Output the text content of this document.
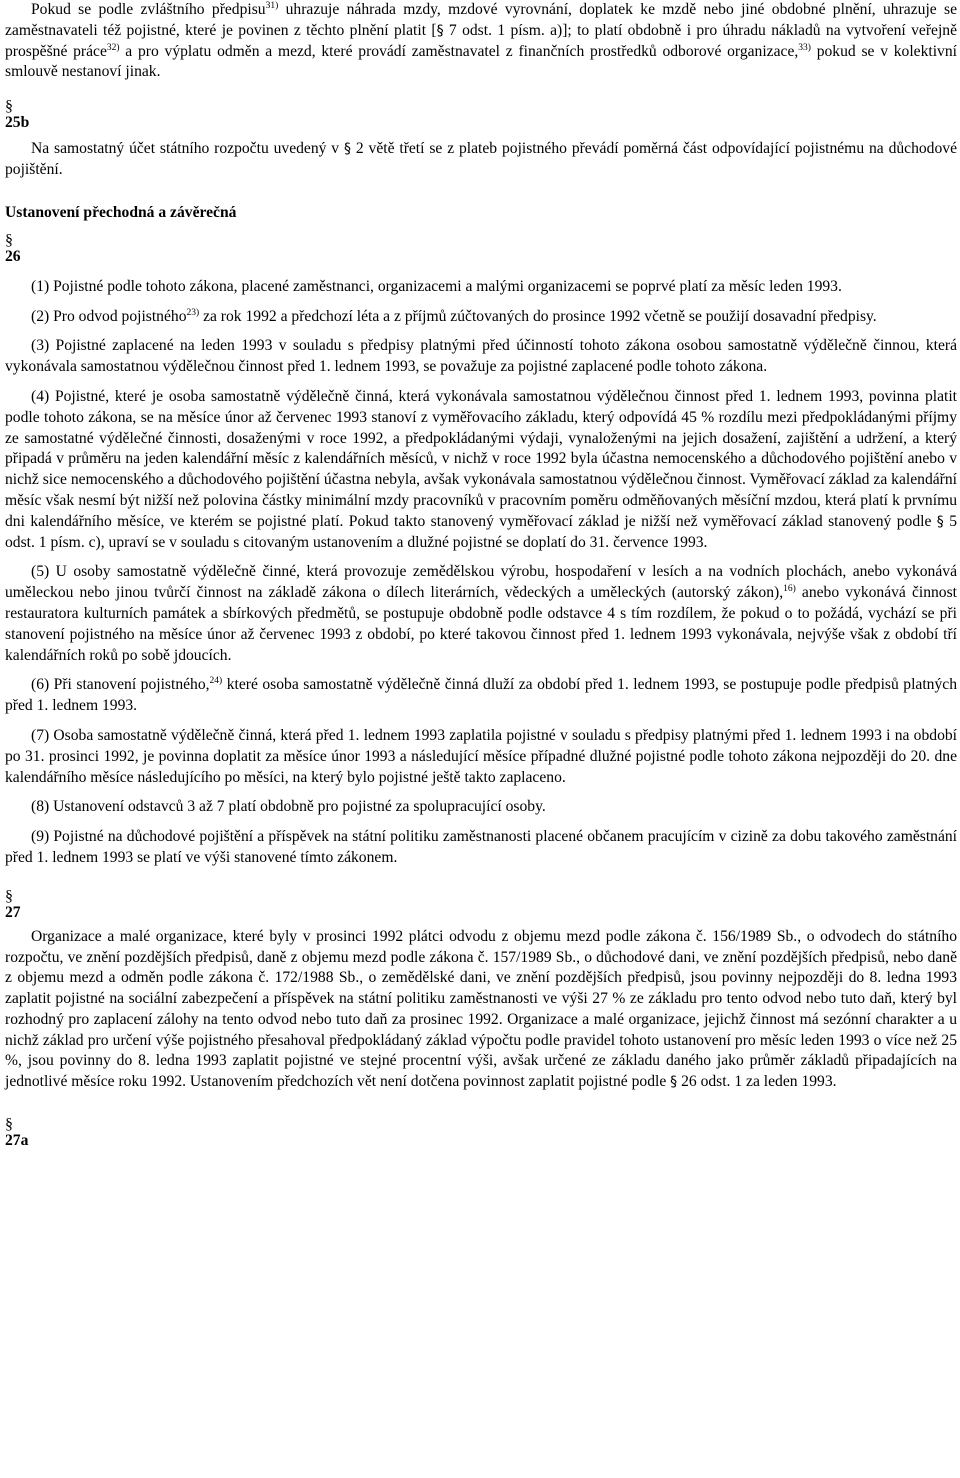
Pokud se podle zvláštního předpisu$^{31)}$ uhrazuje náhrada mzdy, mzdové vyrovnání, doplatek ke mzdě nebo jiné obdobné plnění, uhrazuje se zaměstnavateli též pojistné, které je povinen z těchto plnění platit [§ 7 odst. 1 písm. a)]; to platí obdobně i pro úhradu nákladů na vytvoření veřejně prospěšné práce$^{32)}$ a pro výplatu odměn a mezd, které provádí zaměstnavatel z finančních prostředků odborové organizace,$^{33)}$ pokud se v kolektivní smlouvě nestanoví jinak.

§
25b

Na samostatný účet státního rozpočtu uvedený v § 2 větě třetí se z plateb pojistného převádí poměrná část odpovídající pojistnému na důchodové pojištění.

Ustanovení přechodná a závěrečná
§
26

(1) Pojistné podle tohoto zákona, placené zaměstnanci, organizacemi a malými organizacemi se poprvé platí za měsíc leden 1993.

(2) Pro odvod pojistného$^{23)}$ za rok 1992 a předchozí léta a z příjmů zúčtovaných do prosince 1992 včetně se použijí dosavadní předpisy.

(3) Pojistné zaplacené na leden 1993 v souladu s předpisy platnými před účinností tohoto zákona osobou samostatně výdělečně činnou, která vykonávala samostatnou výdělečnou činnost před 1. lednem 1993, se považuje za pojistné zaplacené podle tohoto zákona.

(4) Pojistné, které je osoba samostatně výdělečně činná, která vykonávala samostatnou výdělečnou činnost před 1. lednem 1993, povinna platit podle tohoto zákona, se na měsíce únor až červenec 1993 stanoví z vyměřovacího základu, který odpovídá 45 % rozdílu mezi předpokládanými příjmy ze samostatné výdělečné činnosti, dosaženými v roce 1992, a předpokládanými výdaji, vynaloženými na jejich dosažení, zajištění a udržení, a který připadá v průměru na jeden kalendářní měsíc z kalendářních měsíců, v nichž v roce 1992 byla účastna nemocenského a důchodového pojištění anebo v nichž sice nemocenského a důchodového pojištění účastna nebyla, avšak vykonávala samostatnou výdělečnou činnost. Vyměřovací základ za kalendářní měsíc však nesmí být nižší než polovina částky minimální mzdy pracovníků v pracovním poměru odměňovaných měsíční mzdou, která platí k prvnímu dni kalendářního měsíce, ve kterém se pojistné platí. Pokud takto stanovený vyměřovací základ je nižší než vyměřovací základ stanovený podle § 5 odst. 1 písm. c), upraví se v souladu s citovaným ustanovením a dlužné pojistné se doplatí do 31. července 1993.

(5) U osoby samostatně výdělečně činné, která provozuje zemědělskou výrobu, hospodaření v lesích a na vodních plochách, anebo vykonává uměleckou nebo jinou tvůrčí činnost na základě zákona o dílech literárních, vědeckých a uměleckých (autorský zákon),$^{16)}$ anebo vykonává činnost restauratora kulturních památek a sbírkových předmětů, se postupuje obdobně podle odstavce 4 s tím rozdílem, že pokud o to požádá, vychází se při stanovení pojistného na měsíce únor až červenec 1993 z období, po které takovou činnost před 1. lednem 1993 vykonávala, nejvýše však z období tří kalendářních roků po sobě jdoucích.

(6) Při stanovení pojistného,$^{24)}$ které osoba samostatně výdělečně činná dluží za období před 1. lednem 1993, se postupuje podle předpisů platných před 1. lednem 1993.

(7) Osoba samostatně výdělečně činná, která před 1. lednem 1993 zaplatila pojistné v souladu s předpisy platnými před 1. lednem 1993 i na období po 31. prosinci 1992, je povinna doplatit za měsíce únor 1993 a následující měsíce případné dlužné pojistné podle tohoto zákona nejpozději do 20. dne kalendářního měsíce následujícího po měsíci, na který bylo pojistné ještě takto zaplaceno.

(8) Ustanovení odstavců 3 až 7 platí obdobně pro pojistné za spolupracující osoby.

(9) Pojistné na důchodové pojištění a příspěvek na státní politiku zaměstnanosti placené občanem pracujícím v cizině za dobu takového zaměstnání před 1. lednem 1993 se platí ve výši stanovené tímto zákonem.

§
27

Organizace a malé organizace, které byly v prosinci 1992 plátci odvodu z objemu mezd podle zákona č. 156/1989 Sb., o odvodech do státního rozpočtu, ve znění pozdějších předpisů, daně z objemu mezd podle zákona č. 157/1989 Sb., o důchodové dani, ve znění pozdějších předpisů, nebo daně z objemu mezd a odměn podle zákona č. 172/1988 Sb., o zemědělské dani, ve znění pozdějších předpisů, jsou povinny nejpozději do 8. ledna 1993 zaplatit pojistné na sociální zabezpečení a příspěvek na státní politiku zaměstnanosti ve výši 27 % ze základu pro tento odvod nebo tuto daň, který byl rozhodný pro zaplacení zálohy na tento odvod nebo tuto daň za prosinec 1992. Organizace a malé organizace, jejichž činnost má sezónní charakter a u nichž základ pro určení výše pojistného přesahoval předpokládaný základ výpočtu podle pravidel tohoto ustanovení pro měsíc leden 1993 o více než 25 %, jsou povinny do 8. ledna 1993 zaplatit pojistné ve stejné procentní výši, avšak určené ze základu daného jako průměr základů připadajících na jednotlivé měsíce roku 1992. Ustanovením předchozích vět není dotčena povinnost zaplatit pojistné podle § 26 odst. 1 za leden 1993.

§
27a
